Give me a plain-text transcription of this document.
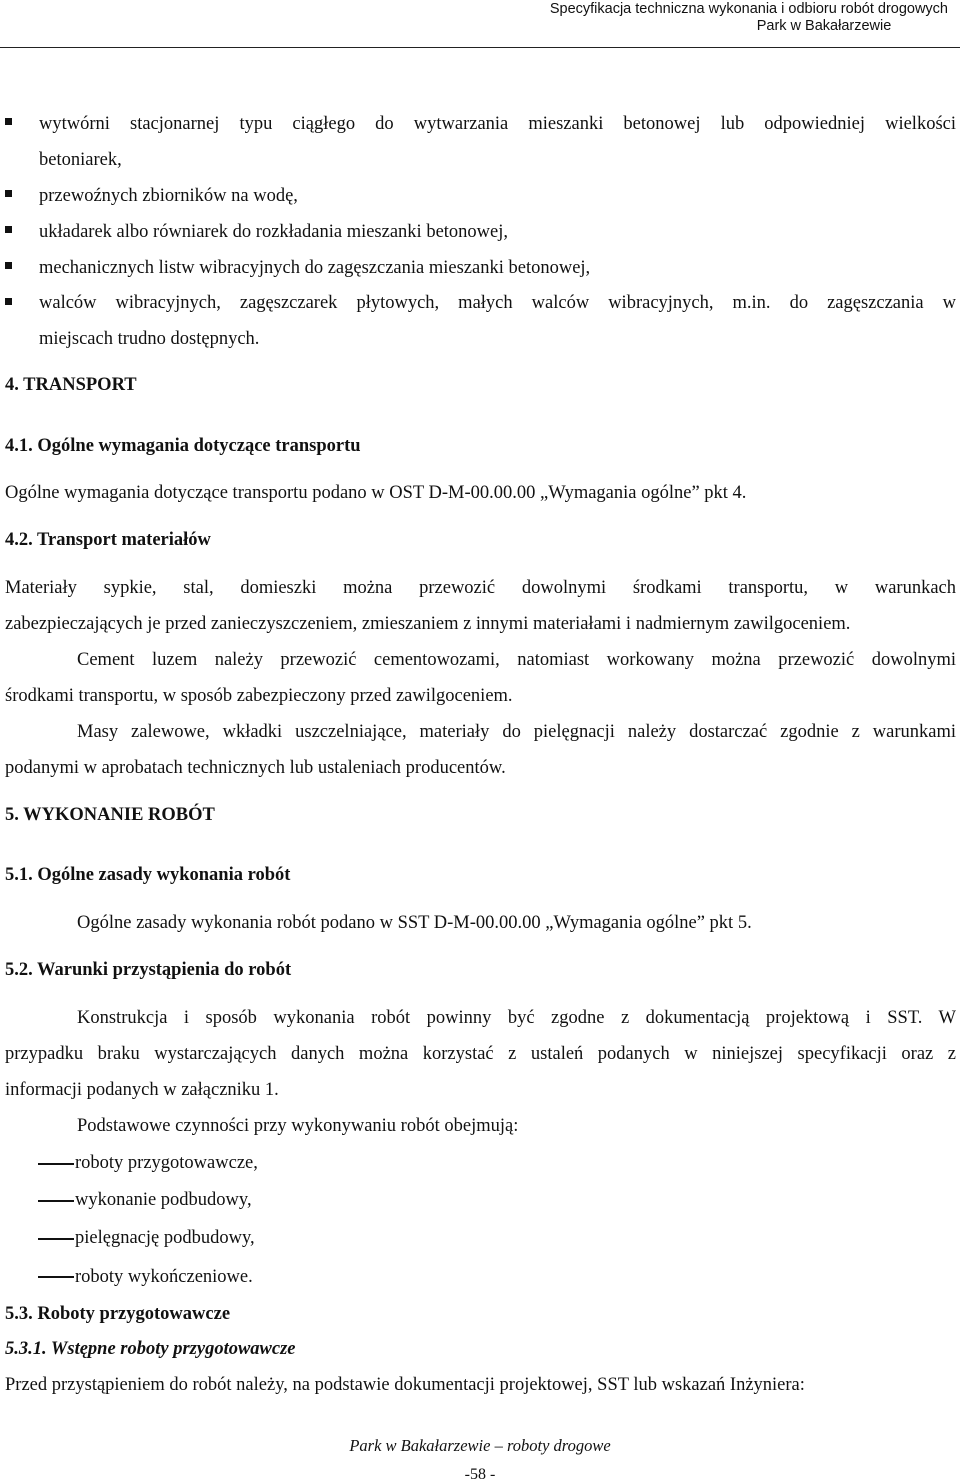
Specyfikacja techniczna wykonania i odbioru robót drogowych
Park w Bakałarzewie
wytwórni stacjonarnej typu ciągłego do wytwarzania mieszanki betonowej lub odpowiedniej wielkości
betoniarek,
przewoźnych zbiorników na wodę,
układarek albo równiarek do rozkładania mieszanki betonowej,
mechanicznych listw wibracyjnych do zagęszczania mieszanki betonowej,
walców wibracyjnych, zagęszczarek płytowych, małych walców wibracyjnych, m.in. do zagęszczania w
miejscach trudno dostępnych.
4. TRANSPORT
4.1. Ogólne wymagania dotyczące transportu
Ogólne wymagania dotyczące transportu podano w OST D-M-00.00.00 „Wymagania ogólne” pkt 4.
4.2. Transport materiałów
Materiały sypkie, stal, domieszki można przewozić dowolnymi środkami transportu, w warunkach
zabezpieczających je przed zanieczyszczeniem, zmieszaniem z innymi materiałami i nadmiernym zawilgoceniem.
Cement luzem należy przewozić cementowozami, natomiast workowany można przewozić dowolnymi
środkami transportu, w sposób zabezpieczony przed zawilgoceniem.
Masy zalewowe, wkładki uszczelniające, materiały do pielęgnacji należy dostarczać zgodnie z warunkami
podanymi w aprobatach technicznych lub ustaleniach producentów.
5. WYKONANIE ROBÓT
5.1. Ogólne zasady wykonania robót
Ogólne zasady wykonania robót podano w SST D-M-00.00.00 „Wymagania ogólne” pkt 5.
5.2. Warunki przystąpienia do robót
Konstrukcja i sposób wykonania robót powinny być zgodne z dokumentacją projektową i SST. W
przypadku braku wystarczających danych można korzystać z ustaleń podanych w niniejszej specyfikacji oraz z
informacji podanych w załączniku 1.
Podstawowe czynności przy wykonywaniu robót obejmują:
roboty przygotowawcze,
wykonanie podbudowy,
pielęgnację podbudowy,
roboty wykończeniowe.
5.3. Roboty przygotowawcze
5.3.1. Wstępne roboty przygotowawcze
Przed przystąpieniem do robót należy, na podstawie dokumentacji projektowej, SST lub wskazań Inżyniera:
Park w Bakałarzewie – roboty drogowe
-58 -
